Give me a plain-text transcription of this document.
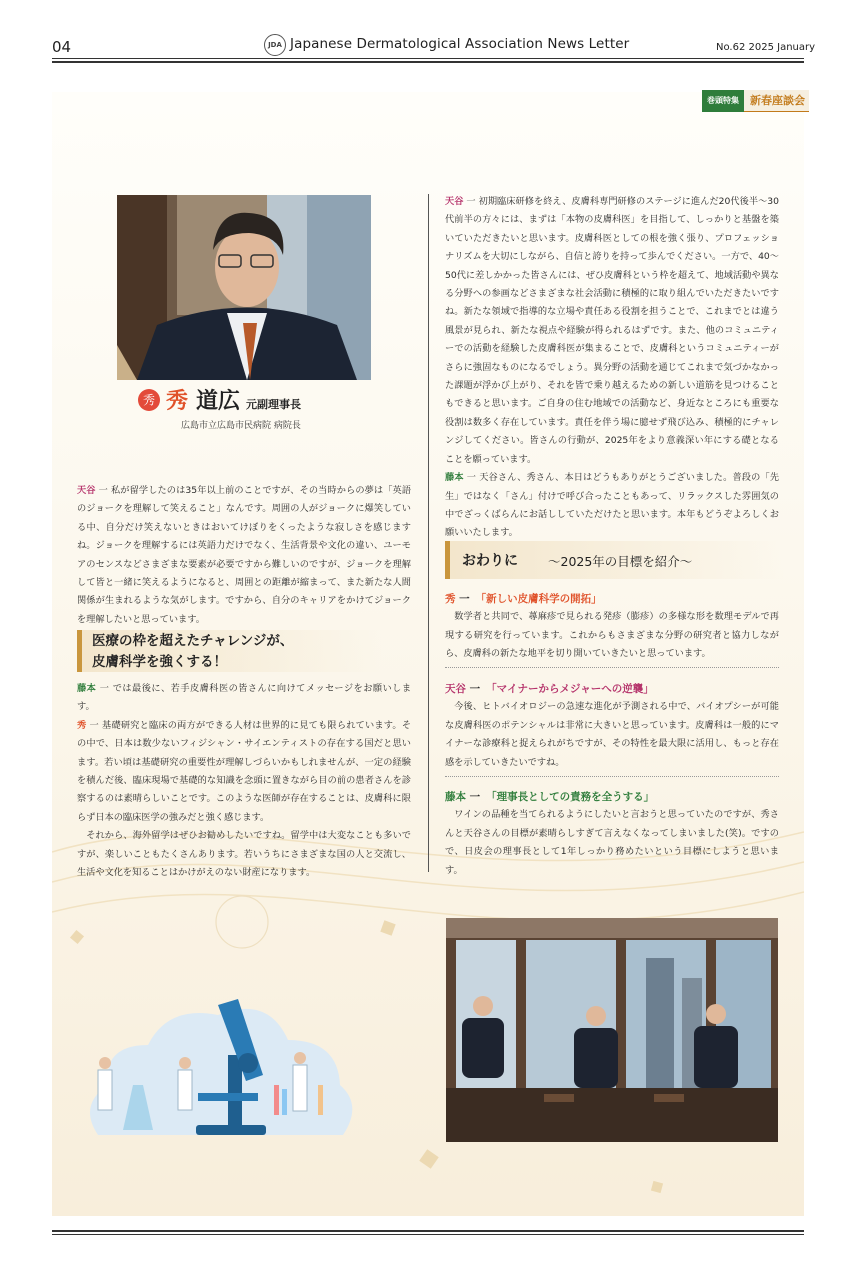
04	JDA Japanese Dermatological Association News Letter	No.62 2025 January
巻頭特集	新春座談会
秀 秀 道広 元副理事長
広島市立広島市民病院 病院長

天谷 一 私が留学したのは35年以上前のことですが、その当時からの夢は「英語のジョークを理解して笑えること」なんです。周囲の人がジョークに爆笑している中、自分だけ笑えないときはおいてけぼりをくったような寂しさを感じますね。ジョークを理解するには英語力だけでなく、生活背景や文化の違い、ユーモアのセンスなどさまざまな要素が必要ですから難しいのですが、ジョークを理解して皆と一緒に笑えるようになると、周囲との距離が縮まって、また新たな人間関係が生まれるような気がします。ですから、自分のキャリアをかけてジョークを理解したいと思っています。

医療の枠を超えたチャレンジが、
皮膚科学を強くする！

藤本 一 では最後に、若手皮膚科医の皆さんに向けてメッセージをお願いします。

秀 一 基礎研究と臨床の両方ができる人材は世界的に見ても限られています。その中で、日本は数少ないフィジシャン・サイエンティストの存在する国だと思います。若い頃は基礎研究の重要性が理解しづらいかもしれませんが、一定の経験を積んだ後、臨床現場で基礎的な知識を念頭に置きながら目の前の患者さんを診察するのは素晴らしいことです。このような医師が存在することは、皮膚科に限らず日本の臨床医学の強みだと強く感じます。

それから、海外留学はぜひお勧めしたいですね。留学中は大変なことも多いですが、楽しいこともたくさんあります。若いうちにさまざまな国の人と交流し、生活や文化を知ることはかけがえのない財産になります。

天谷 一 初期臨床研修を終え、皮膚科専門研修のステージに進んだ20代後半〜30代前半の方々には、まずは「本物の皮膚科医」を目指して、しっかりと基盤を築いていただきたいと思います。皮膚科医としての根を強く張り、プロフェッショナリズムを大切にしながら、自信と誇りを持って歩んでください。一方で、40〜50代に差しかかった皆さんには、ぜひ皮膚科という枠を超えて、地域活動や異なる分野への参画などさまざまな社会活動に積極的に取り組んでいただきたいですね。新たな領域で指導的な立場や責任ある役割を担うことで、これまでとは違う風景が見られ、新たな視点や経験が得られるはずです。また、他のコミュニティーでの活動を経験した皮膚科医が集まることで、皮膚科というコミュニティーがさらに強固なものになるでしょう。異分野の活動を通じてこれまで気づかなかった課題が浮かび上がり、それを皆で乗り越えるための新しい道筋を見つけることもできると思います。ご自身の住む地域での活動など、身近なところにも重要な役割は数多く存在しています。責任を伴う場に臆せず飛び込み、積極的にチャレンジしてください。皆さんの行動が、2025年をより意義深い年にする礎となることを願っています。

藤本 一 天谷さん、秀さん、本日はどうもありがとうございました。普段の「先生」ではなく「さん」付けで呼び合ったこともあって、リラックスした雰囲気の中でざっくばらんにお話ししていただけたと思います。本年もどうぞよろしくお願いいたします。

おわりに 〜2025年の目標を紹介〜
秀 一 「新しい皮膚科学の開拓」

数学者と共同で、蕁麻疹で見られる発疹（膨疹）の多様な形を数理モデルで再現する研究を行っています。これからもさまざまな分野の研究者と協力しながら、皮膚科の新たな地平を切り開いていきたいと思っています。

天谷 一 「マイナーからメジャーへの逆襲」

今後、ヒトバイオロジーの急速な進化が予測される中で、バイオプシーが可能な皮膚科医のポテンシャルは非常に大きいと思っています。皮膚科は一般的にマイナーな診療科と捉えられがちですが、その特性を最大限に活用し、もっと存在感を示していきたいですね。

藤本 一 「理事長としての責務を全うする」

ワインの品種を当てられるようにしたいと言おうと思っていたのですが、秀さんと天谷さんの目標が素晴らしすぎて言えなくなってしまいました(笑)。ですので、日皮会の理事長として1年しっかり務めたいという目標にしようと思います。
